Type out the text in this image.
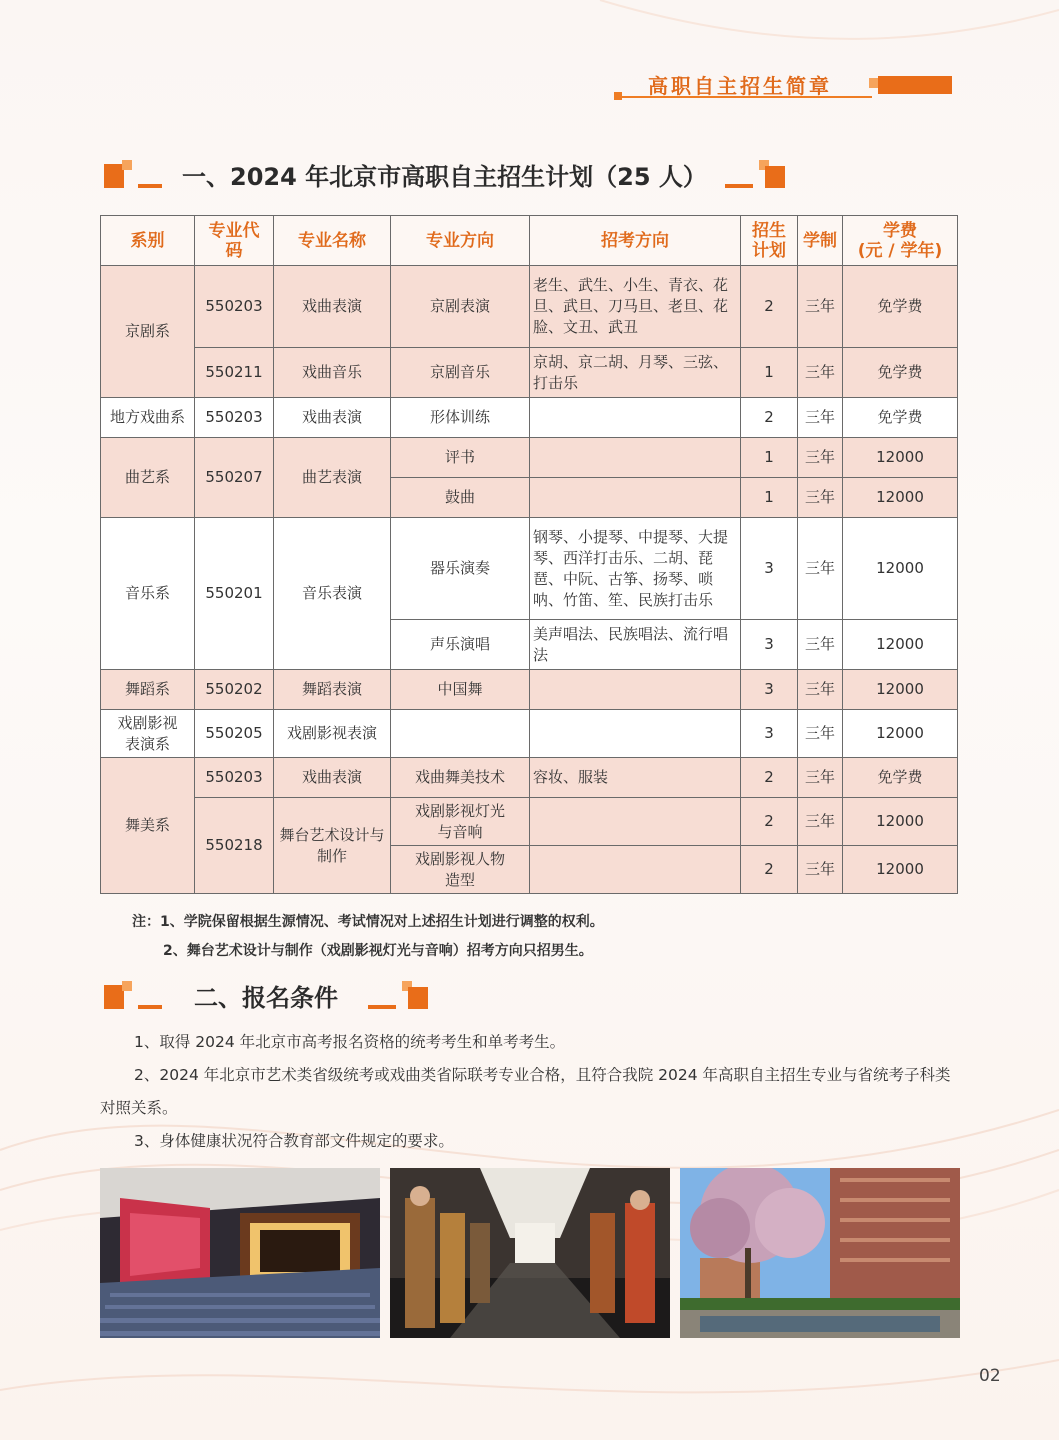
高职自主招生简章
一、2024 年北京市高职自主招生计划（25 人）
系别	专业代码	专业名称	专业方向	招考方向	招生计划	学制	学费
(元 / 学年)

京剧系	550203	戏曲表演	京剧表演	老生、武生、小生、青衣、花旦、武旦、刀马旦、老旦、花脸、文丑、武丑	2	三年	免学费
	550211	戏曲音乐	京剧音乐	京胡、京二胡、月琴、三弦、打击乐	1	三年	免学费
地方戏曲系	550203	戏曲表演	形体训练		2	三年	免学费
曲艺系	550207	曲艺表演	评书		1	三年	12000
			鼓曲		1	三年	12000
音乐系	550201	音乐表演	器乐演奏	钢琴、小提琴、中提琴、大提琴、西洋打击乐、二胡、琵琶、中阮、古筝、扬琴、唢呐、竹笛、笙、民族打击乐	3	三年	12000
			声乐演唱	美声唱法、民族唱法、流行唱法	3	三年	12000
舞蹈系	550202	舞蹈表演	中国舞		3	三年	12000
戏剧影视表演系	550205	戏剧影视表演			3	三年	12000
舞美系	550203	戏曲表演	戏曲舞美技术	容妆、服装	2	三年	免学费
	550218	舞台艺术设计与制作	戏剧影视灯光与音响		2	三年	12000
			戏剧影视人物造型		2	三年	12000
注：1、学院保留根据生源情况、考试情况对上述招生计划进行调整的权利。
2、舞台艺术设计与制作（戏剧影视灯光与音响）招考方向只招男生。
二、报名条件

1、取得 2024 年北京市高考报名资格的统考考生和单考考生。

2、2024 年北京市艺术类省级统考或戏曲类省际联考专业合格，且符合我院 2024 年高职自主招生专业与省统考子科类对照关系。

3、身体健康状况符合教育部文件规定的要求。

02
